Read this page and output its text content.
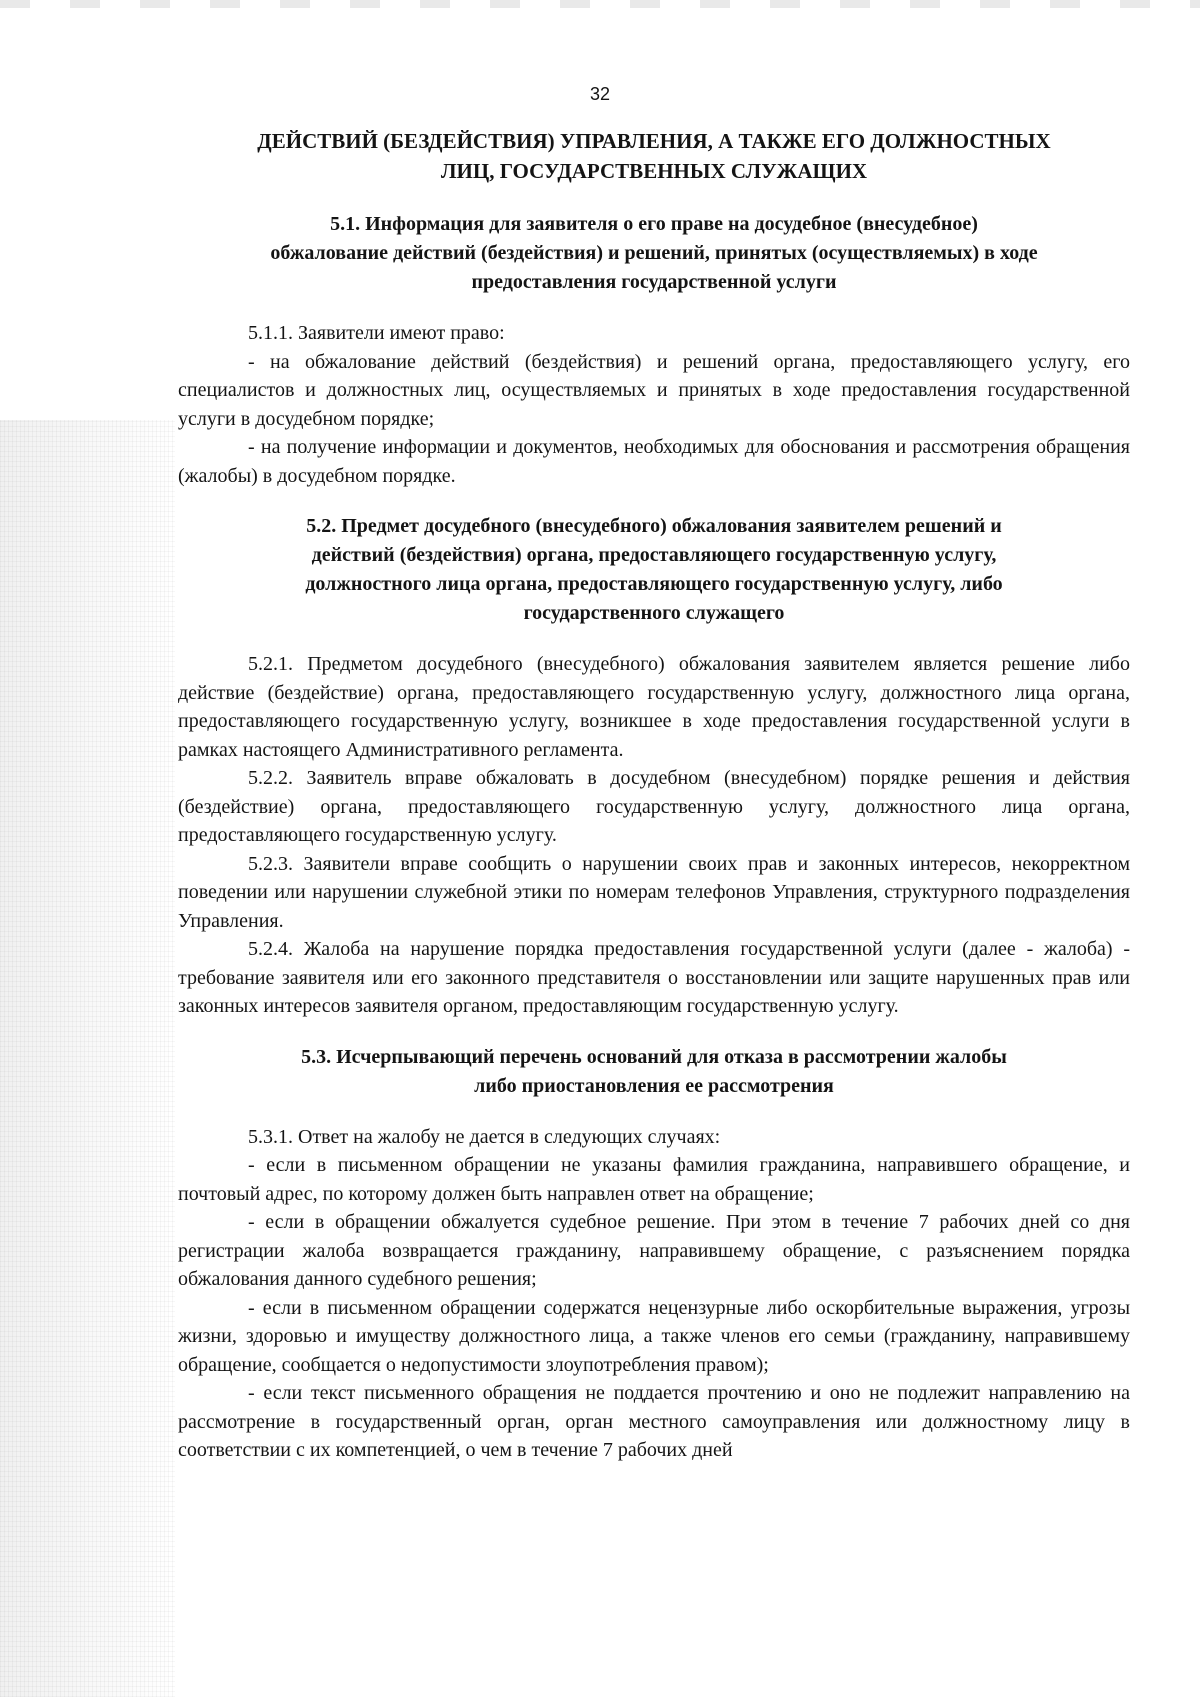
32

ДЕЙСТВИЙ (БЕЗДЕЙСТВИЯ) УПРАВЛЕНИЯ, А ТАКЖЕ ЕГО ДОЛЖНОСТНЫХ
ЛИЦ, ГОСУДАРСТВЕННЫХ СЛУЖАЩИХ
5.1. Информация для заявителя о его праве на досудебное (внесудебное)
обжалование действий (бездействия) и решений, принятых (осуществляемых) в ходе
предоставления государственной услуги

5.1.1. Заявители имеют право:

- на обжалование действий (бездействия) и решений органа, предоставляющего услугу, его специалистов и должностных лиц, осуществляемых и принятых в ходе предоставления государственной услуги в досудебном порядке;

- на получение информации и документов, необходимых для обоснования и рассмотрения обращения (жалобы) в досудебном порядке.

5.2. Предмет досудебного (внесудебного) обжалования заявителем решений и
действий (бездействия) органа, предоставляющего государственную услугу,
должностного лица органа, предоставляющего государственную услугу, либо
государственного служащего

5.2.1. Предметом досудебного (внесудебного) обжалования заявителем является решение либо действие (бездействие) органа, предоставляющего государственную услугу, должностного лица органа, предоставляющего государственную услугу, возникшее в ходе предоставления государственной услуги в рамках настоящего Административного регламента.

5.2.2. Заявитель вправе обжаловать в досудебном (внесудебном) порядке решения и действия (бездействие) органа, предоставляющего государственную услугу, должностного лица органа, предоставляющего государственную услугу.

5.2.3. Заявители вправе сообщить о нарушении своих прав и законных интересов, некорректном поведении или нарушении служебной этики по номерам телефонов Управления, структурного подразделения Управления.

5.2.4. Жалоба на нарушение порядка предоставления государственной услуги (далее - жалоба) - требование заявителя или его законного представителя о восстановлении или защите нарушенных прав или законных интересов заявителя органом, предоставляющим государственную услугу.

5.3. Исчерпывающий перечень оснований для отказа в рассмотрении жалобы
либо приостановления ее рассмотрения

5.3.1. Ответ на жалобу не дается в следующих случаях:

- если в письменном обращении не указаны фамилия гражданина, направившего обращение, и почтовый адрес, по которому должен быть направлен ответ на обращение;

- если в обращении обжалуется судебное решение. При этом в течение 7 рабочих дней со дня регистрации жалоба возвращается гражданину, направившему обращение, с разъяснением порядка обжалования данного судебного решения;

- если в письменном обращении содержатся нецензурные либо оскорбительные выражения, угрозы жизни, здоровью и имуществу должностного лица, а также членов его семьи (гражданину, направившему обращение, сообщается о недопустимости злоупотребления правом);

- если текст письменного обращения не поддается прочтению и оно не подлежит направлению на рассмотрение в государственный орган, орган местного самоуправления или должностному лицу в соответствии с их компетенцией, о чем в течение 7 рабочих дней
